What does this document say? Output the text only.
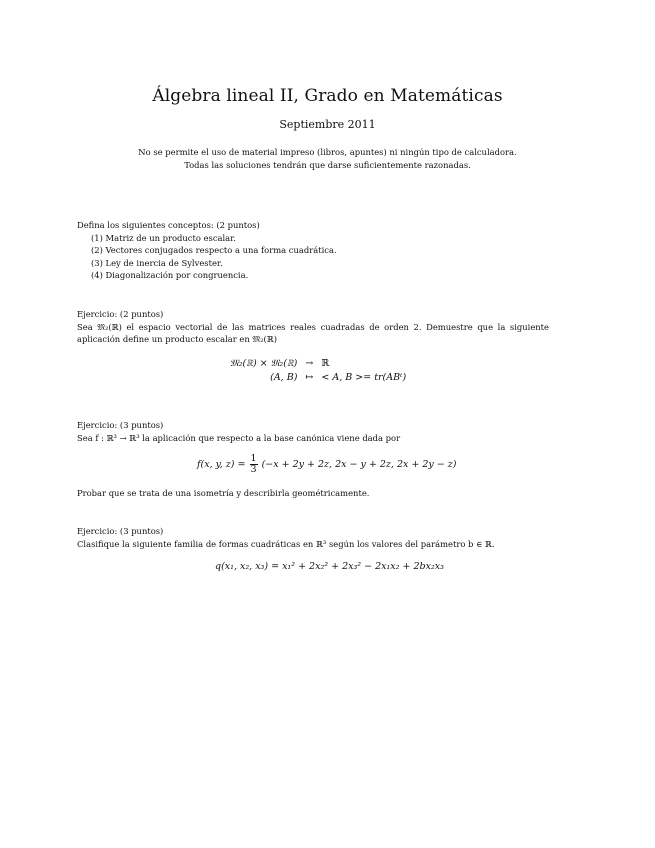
Álgebra lineal II, Grado en Matemáticas
Septiembre 2011
No se permite el uso de material impreso (libros, apuntes) ni ningún tipo de calculadora.
Todas las soluciones tendrán que darse suficientemente razonadas.

Defina los siguientes conceptos: (2 puntos)

(1) Matriz de un producto escalar.
(2) Vectores conjugados respecto a una forma cuadrática.
(3) Ley de inercia de Sylvester.
(4) Diagonalización por congruencia.

Ejercicio: (2 puntos)

Sea 𝔐₂(ℝ) el espacio vectorial de las matrices reales cuadradas de orden 2. Demuestre que la siguiente aplicación define un producto escalar en 𝔐₂(ℝ)

𝔐₂(ℝ) × 𝔐₂(ℝ)	→	ℝ
(A, B)	↦	< A, B >= tr(ABᵗ)

Ejercicio: (3 puntos)

Sea f : ℝ³ → ℝ³ la aplicación que respecto a la base canónica viene dada por

f(x, y, $z) = \frac{1}{3} (-x + 2y + 2z$, 2x − y + 2z, 2x + 2y − z)

Probar que se trata de una isometría y describirla geométricamente.

Ejercicio: (3 puntos)

Clasifique la siguiente familia de formas cuadráticas en ℝ³ según los valores del parámetro b ∈ ℝ.

q(x₁, x₂, x₃) = x₁² + 2x₂² + 2x₃² − 2x₁x₂ + 2bx₂x₃
